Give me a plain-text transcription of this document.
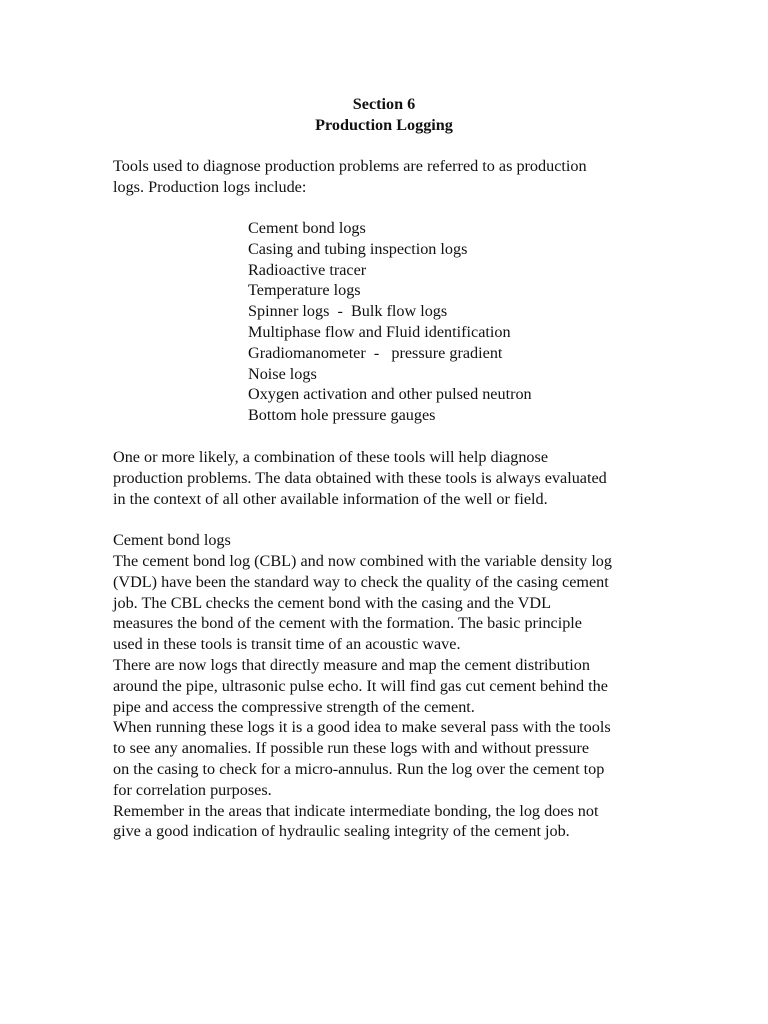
Section 6
Production Logging

Tools used to diagnose production problems are referred to as production
logs. Production logs include:

Cement bond logs
Casing and tubing inspection logs
Radioactive tracer
Temperature logs
Spinner logs  -  Bulk flow logs
Multiphase flow and Fluid identification
Gradiomanometer  -   pressure gradient
Noise logs
Oxygen activation and other pulsed neutron
Bottom hole pressure gauges

One or more likely, a combination of these tools will help diagnose
production problems. The data obtained with these tools is always evaluated
in the context of all other available information of the well or field.

Cement bond logs

The cement bond log (CBL) and now combined with the variable density log
(VDL) have been the standard way to check the quality of the casing cement
job. The CBL checks the cement bond with the casing and the VDL
measures the bond of the cement with the formation. The basic principle
used in these tools is transit time of an acoustic wave.
There are now logs that directly measure and map the cement distribution
around the pipe, ultrasonic pulse echo. It will find gas cut cement behind the
pipe and access the compressive strength of the cement.
When running these logs it is a good idea to make several pass with the tools
to see any anomalies. If possible run these logs with and without pressure
on the casing to check for a micro-annulus. Run the log over the cement top
for correlation purposes.
Remember in the areas that indicate intermediate bonding, the log does not
give a good indication of hydraulic sealing integrity of the cement job.
